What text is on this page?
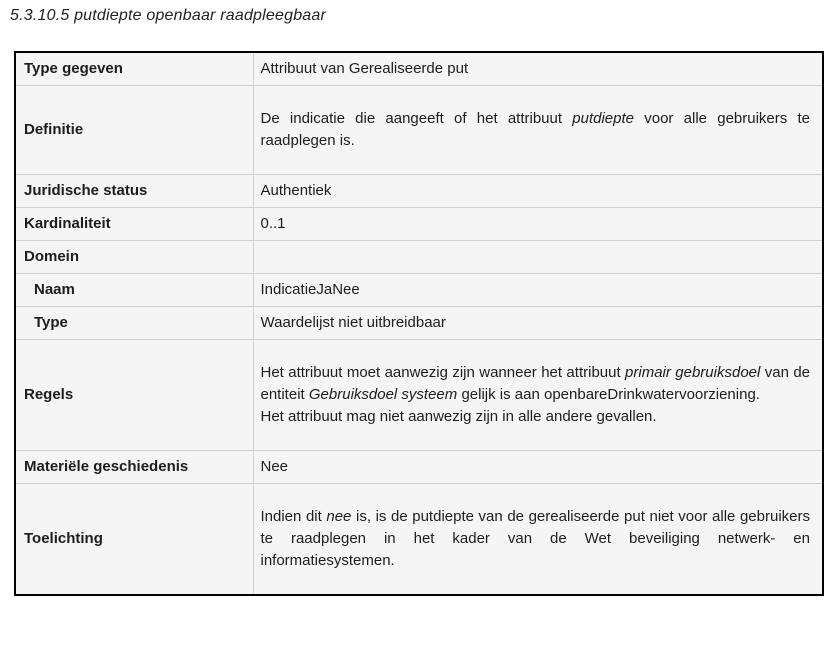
5.3.10.5 putdiepte openbaar raadpleegbaar
Type gegeven	Attribuut van Gerealiseerde put
Definitie	De indicatie die aangeeft of het attribuut putdiepte voor alle gebruikers te raadplegen is.
Juridische status	Authentiek
Kardinaliteit	0..1
Domein	
Naam	IndicatieJaNee
Type	Waardelijst niet uitbreidbaar
Regels	Het attribuut moet aanwezig zijn wanneer het attribuut primair gebruiksdoel van de entiteit Gebruiksdoel systeem gelijk is aan openbareDrinkwatervoorziening.
Het attribuut mag niet aanwezig zijn in alle andere gevallen.
Materiële geschiedenis	Nee
Toelichting	Indien dit nee is, is de putdiepte van de gerealiseerde put niet voor alle gebruikers te raadplegen in het kader van de Wet beveiliging netwerk- en informatiesystemen.
